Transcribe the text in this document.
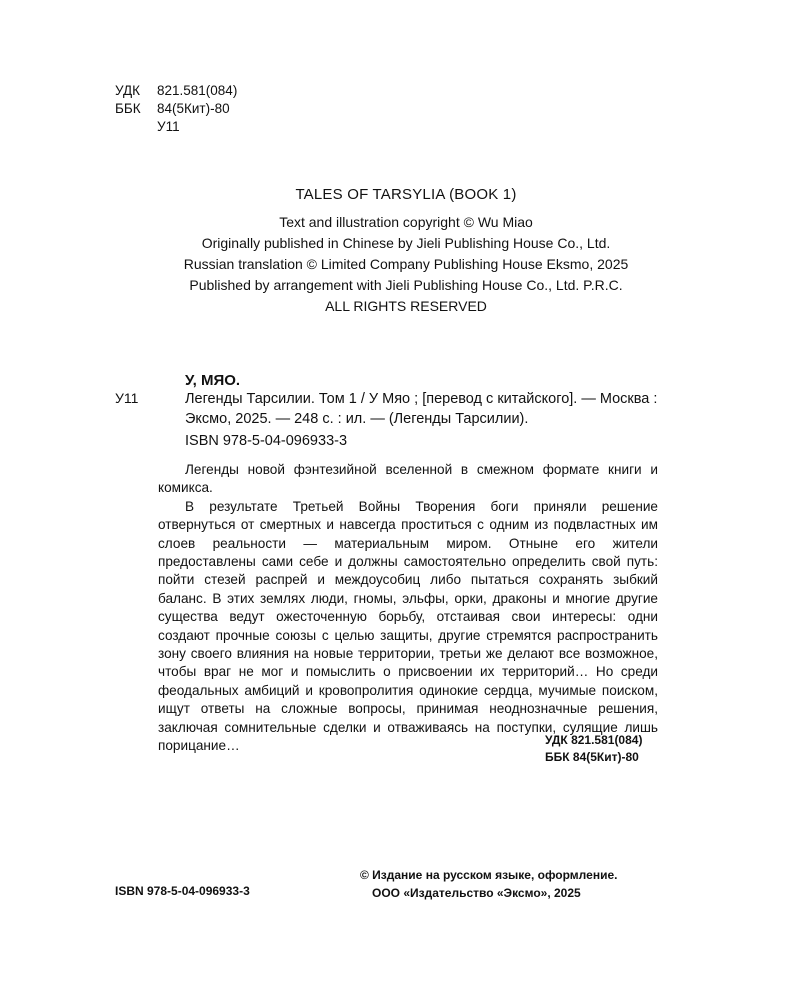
УДК	821.581(084)
ББК	84(5Кит)-80
У11
TALES OF TARSYLIA (BOOK 1)
Text and illustration copyright © Wu Miao
Originally published in Chinese by Jieli Publishing House Co., Ltd.
Russian translation © Limited Company Publishing House Eksmo, 2025
Published by arrangement with Jieli Publishing House Co., Ltd. P.R.C.
ALL RIGHTS RESERVED
У, МЯО.
У11	Легенды Тарсилии. Том 1 / У Мяо ; [перевод с китайского]. — Москва : Эксмо, 2025. — 248 с. : ил. — (Легенды Тарсилии).
ISBN 978-5-04-096933-3

Легенды новой фэнтезийной вселенной в смежном формате книги и комикса.

В результате Третьей Войны Творения боги приняли решение отвернуться от смертных и навсегда проститься с одним из подвластных им слоев реальности — материальным миром. Отныне его жители предоставлены сами себе и должны самостоятельно определить свой путь: пойти стезей распрей и междоусобиц либо пытаться сохранять зыбкий баланс. В этих землях люди, гномы, эльфы, орки, драконы и многие другие существа ведут ожесточенную борьбу, отстаивая свои интересы: одни создают прочные союзы с целью защиты, другие стремятся распространить зону своего влияния на новые территории, третьи же делают все возможное, чтобы враг не мог и помыслить о присвоении их территорий… Но среди феодальных амбиций и кровопролития одинокие сердца, мучимые поиском, ищут ответы на сложные вопросы, принимая неоднозначные решения, заключая сомнительные сделки и отваживаясь на поступки, сулящие лишь порицание…	УДК 821.581(084)
ББК 84(5Кит)-80
ISBN 978-5-04-096933-3
© Издание на русском языке, оформление.
ООО «Издательство «Эксмо», 2025
